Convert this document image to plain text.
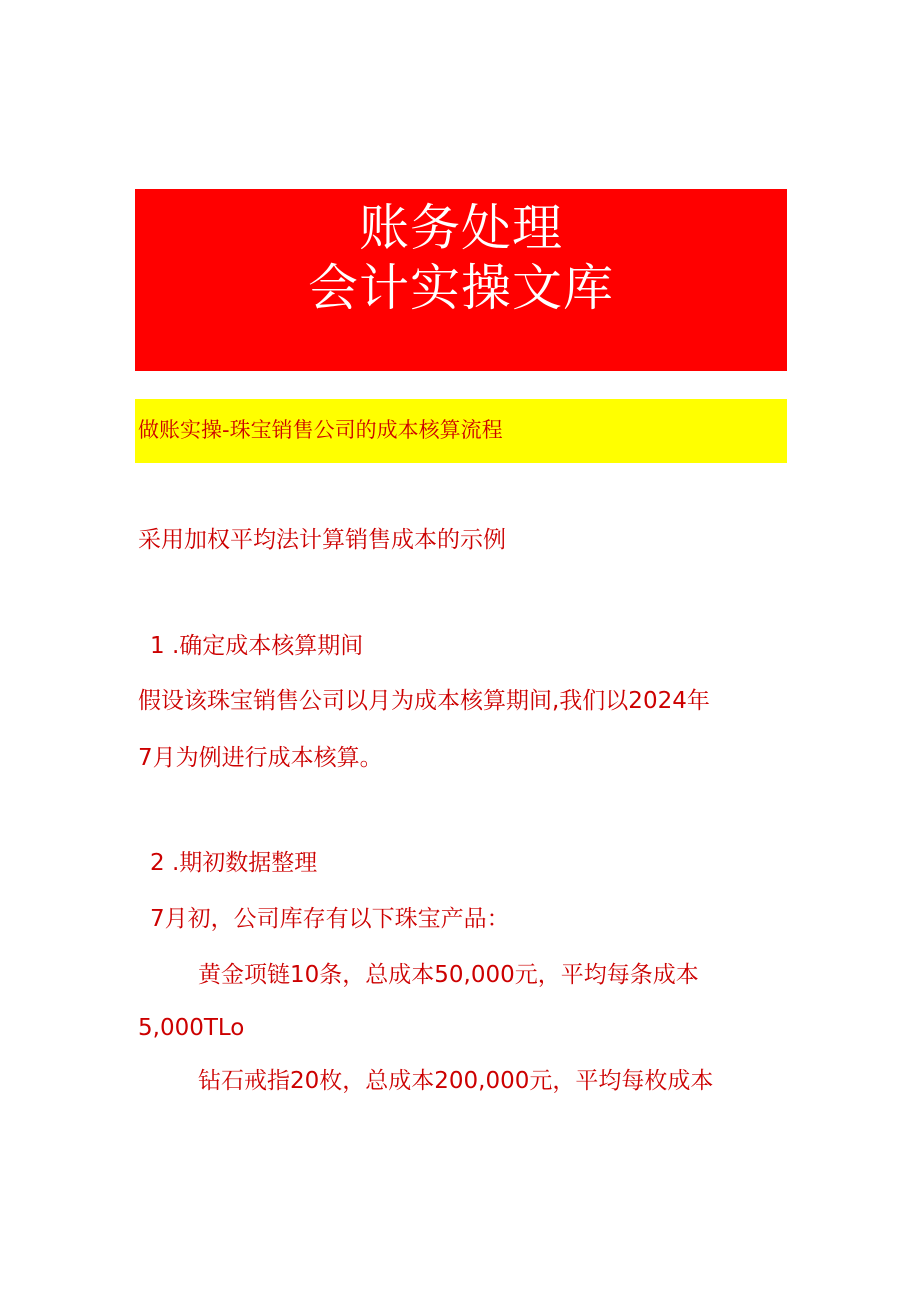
账务处理
会计实操文库
做账实操-珠宝销售公司的成本核算流程
采用加权平均法计算销售成本的示例
1 .确定成本核算期间
假设该珠宝销售公司以月为成本核算期间,我们以2024年
7月为例进行成本核算。
2 .期初数据整理
7月初，公司库存有以下珠宝产品：
黄金项链10条，总成本50,000元，平均每条成本
5,000TLo
钻石戒指20枚，总成本200,000元，平均每枚成本
